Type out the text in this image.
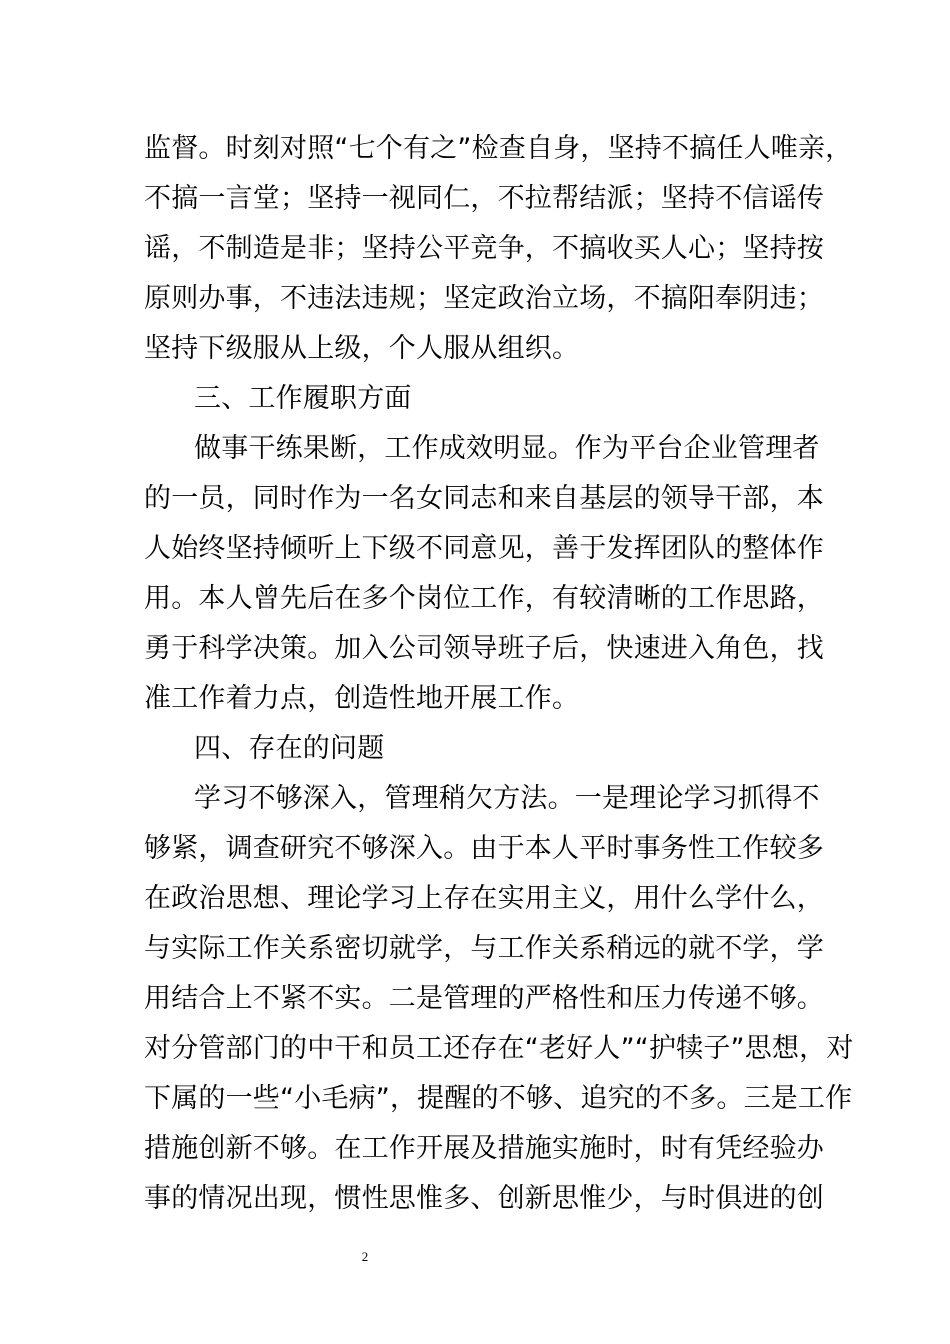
监督。时刻对照“七个有之”检查自身，坚持不搞任人唯亲，
不搞一言堂；坚持一视同仁，不拉帮结派；坚持不信谣传
谣，不制造是非；坚持公平竞争，不搞收买人心；坚持按
原则办事，不违法违规；坚定政治立场，不搞阳奉阴违；
坚持下级服从上级，个人服从组织。
三、工作履职方面
做事干练果断，工作成效明显。作为平台企业管理者
的一员，同时作为一名女同志和来自基层的领导干部，本
人始终坚持倾听上下级不同意见，善于发挥团队的整体作
用。本人曾先后在多个岗位工作，有较清晰的工作思路，
勇于科学决策。加入公司领导班子后，快速进入角色，找
准工作着力点，创造性地开展工作。
四、存在的问题
学习不够深入，管理稍欠方法。一是理论学习抓得不
够紧，调查研究不够深入。由于本人平时事务性工作较多
在政治思想、理论学习上存在实用主义，用什么学什么，
与实际工作关系密切就学，与工作关系稍远的就不学，学
用结合上不紧不实。二是管理的严格性和压力传递不够。
对分管部门的中干和员工还存在“老好人”“护犊子”思想，对
下属的一些“小毛病”，提醒的不够、追究的不多。三是工作
措施创新不够。在工作开展及措施实施时，时有凭经验办
事的情况出现，惯性思惟多、创新思惟少，与时俱进的创
2
